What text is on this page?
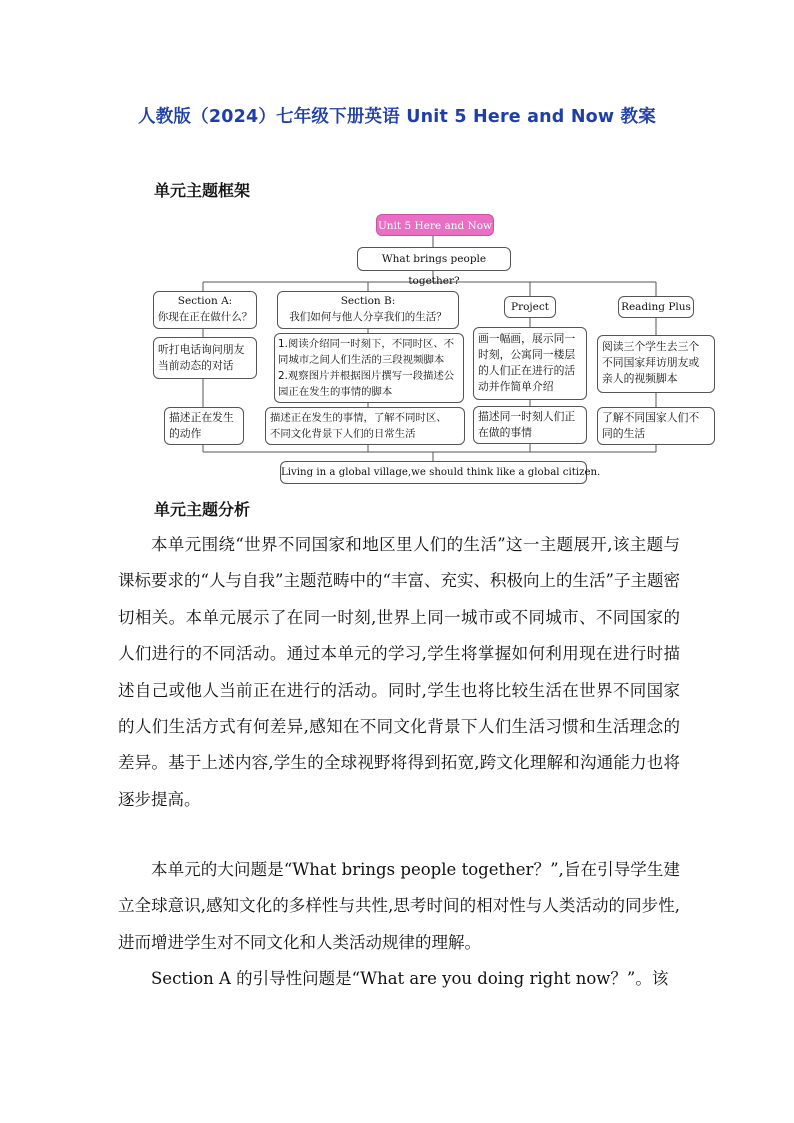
人教版（2024）七年级下册英语 Unit 5 Here and Now 教案
单元主题框架
Unit 5 Here and Now
What brings people together?
Section A:
你现在正在做什么？
听打电话询问朋友
当前动态的对话
描述正在发生
的动作
Section B:
我们如何与他人分享我们的生活？
1.阅读介绍同一时刻下，不同时区、不
同城市之间人们生活的三段视频脚本
2.观察图片并根据图片撰写一段描述公
园正在发生的事情的脚本
描述正在发生的事情，了解不同时区、
不同文化背景下人们的日常生活
Project
画一幅画，展示同一
时刻，公寓同一楼层
的人们正在进行的活
动并作简单介绍
描述同一时刻人们正
在做的事情
Reading Plus
阅读三个学生去三个
不同国家拜访朋友或
亲人的视频脚本
了解不同国家人们不
同的生活
Living in a global village,we should think like a global citizen.
单元主题分析

本单元围绕“世界不同国家和地区里人们的生活”这一主题展开,该主题与课标要求的“人与自我”主题范畴中的“丰富、充实、积极向上的生活”子主题密切相关。本单元展示了在同一时刻,世界上同一城市或不同城市、不同国家的人们进行的不同活动。通过本单元的学习,学生将掌握如何利用现在进行时描述自己或他人当前正在进行的活动。同时,学生也将比较生活在世界不同国家的人们生活方式有何差异,感知在不同文化背景下人们生活习惯和生活理念的差异。基于上述内容,学生的全球视野将得到拓宽,跨文化理解和沟通能力也将逐步提高。

本单元的大问题是“What brings people together？”,旨在引导学生建立全球意识,感知文化的多样性与共性,思考时间的相对性与人类活动的同步性,进而增进学生对不同文化和人类活动规律的理解。

Section A 的引导性问题是“What are you doing right now？”。该
